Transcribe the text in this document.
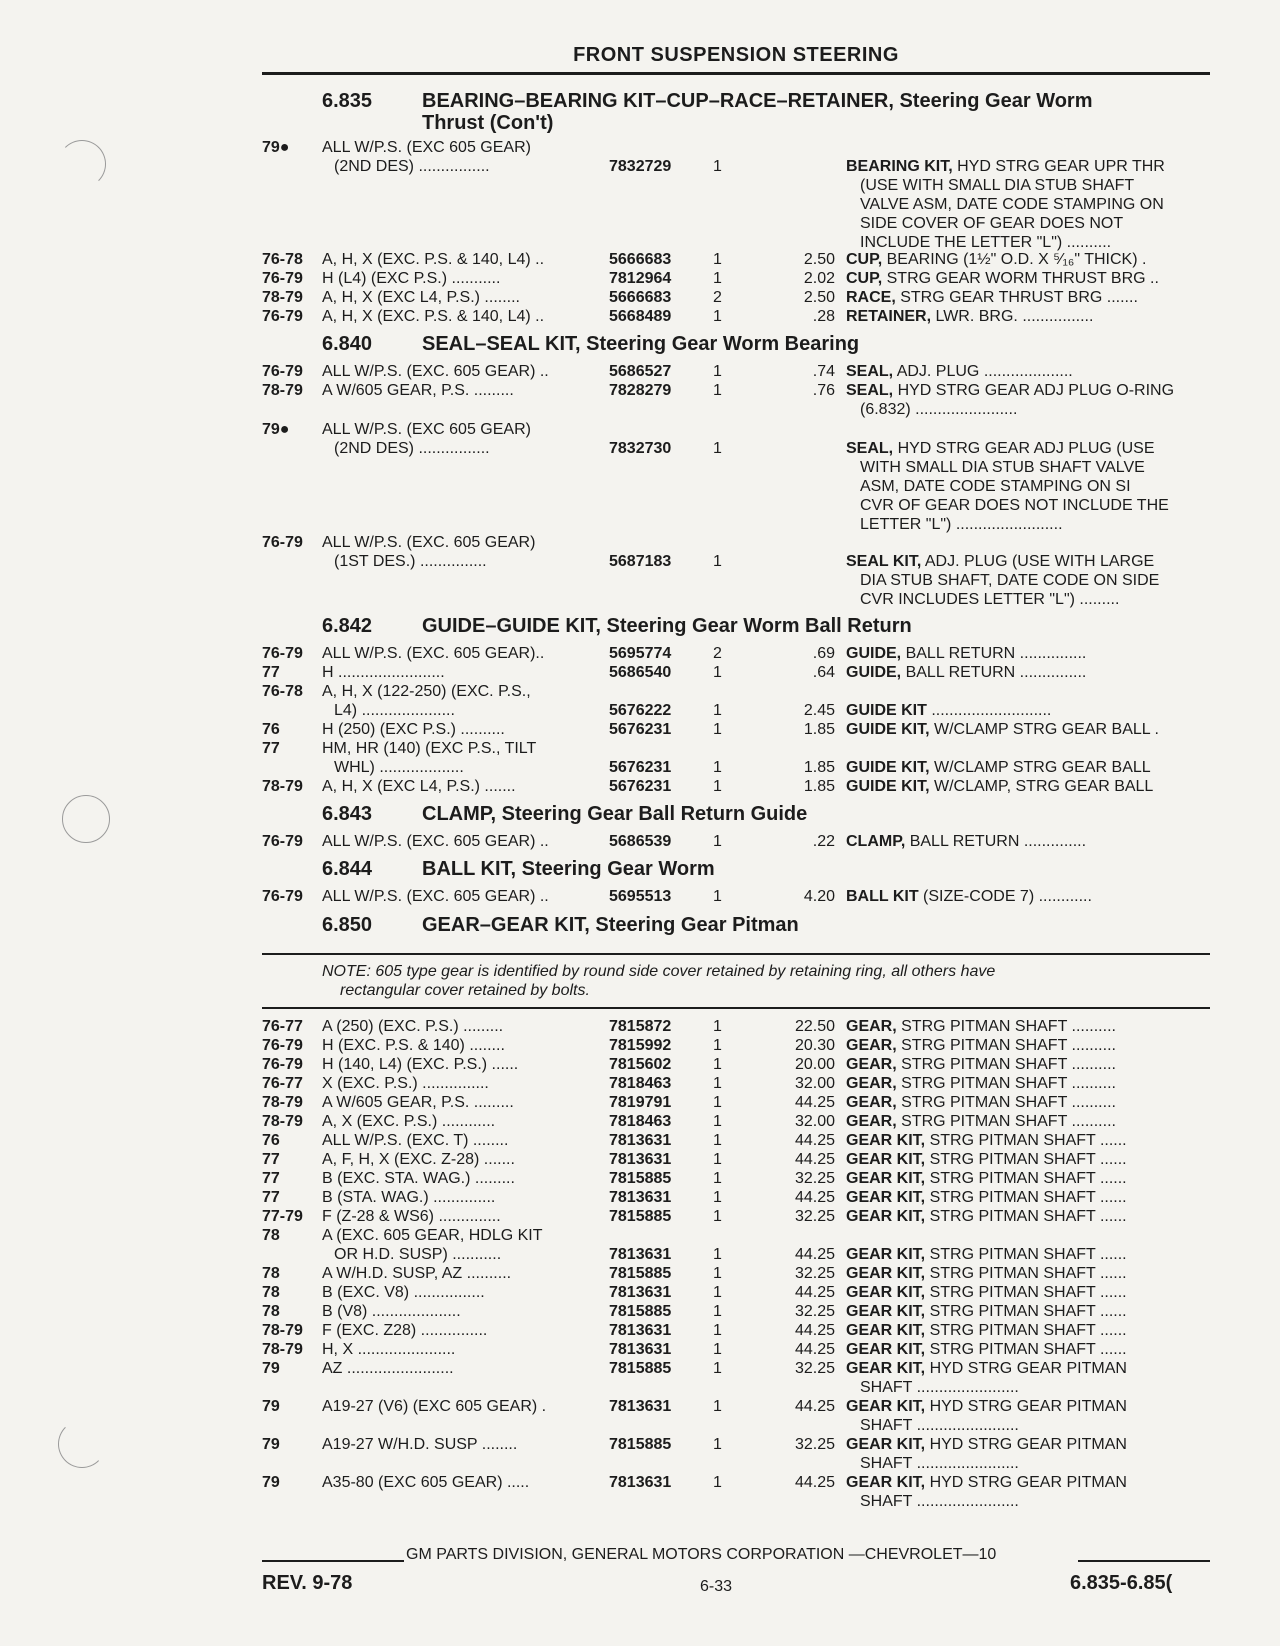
FRONT SUSPENSION STEERING
6.835 BEARING–BEARING KIT–CUP–RACE–RETAINER, Steering Gear Worm
Thrust (Con't)
6.840 SEAL–SEAL KIT, Steering Gear Worm Bearing
6.842 GUIDE–GUIDE KIT, Steering Gear Worm Ball Return
6.843 CLAMP, Steering Gear Ball Return Guide
6.844 BALL KIT, Steering Gear Worm
6.850 GEAR–GEAR KIT, Steering Gear Pitman
79● ALL W/P.S. (EXC 605 GEAR)
(2ND DES) ................	7832729	1	BEARING KIT, HYD STRG GEAR UPR THR
(USE WITH SMALL DIA STUB SHAFT
VALVE ASM, DATE CODE STAMPING ON
SIDE COVER OF GEAR DOES NOT
INCLUDE THE LETTER "L") ..........
76-78 A, H, X (EXC. P.S. & 140, L4) ..	5666683	1	2.50 CUP, BEARING (1½" O.D. X ⁵⁄₁₆" THICK) .
76-79 H (L4) (EXC P.S.) ...........	7812964	1	2.02 CUP, STRG GEAR WORM THRUST BRG ..
78-79 A, H, X (EXC L4, P.S.) ........	5666683	2	2.50 RACE, STRG GEAR THRUST BRG .......
76-79 A, H, X (EXC. P.S. & 140, L4) ..	5668489	1	.28 RETAINER, LWR. BRG. ................
76-79 ALL W/P.S. (EXC. 605 GEAR) ..	5686527	1	.74 SEAL, ADJ. PLUG ....................
78-79 A W/605 GEAR, P.S. .........	7828279	1	.76 SEAL, HYD STRG GEAR ADJ PLUG O-RING
(6.832) .......................
79● ALL W/P.S. (EXC 605 GEAR)
(2ND DES) ................	7832730	1	SEAL, HYD STRG GEAR ADJ PLUG (USE
WITH SMALL DIA STUB SHAFT VALVE
ASM, DATE CODE STAMPING ON SI
CVR OF GEAR DOES NOT INCLUDE THE
LETTER "L") ........................
76-79 ALL W/P.S. (EXC. 605 GEAR)
(1ST DES.) ...............	5687183	1	SEAL KIT, ADJ. PLUG (USE WITH LARGE
DIA STUB SHAFT, DATE CODE ON SIDE
CVR INCLUDES LETTER "L") .........
76-79 ALL W/P.S. (EXC. 605 GEAR)..	5695774	2	.69 GUIDE, BALL RETURN ...............
77	H ........................	5686540	1	.64 GUIDE, BALL RETURN ...............
76-78 A, H, X (122-250) (EXC. P.S.,
L4) .....................	5676222	1	2.45 GUIDE KIT ...........................
76	H (250) (EXC P.S.) ..........	5676231	1	1.85 GUIDE KIT, W/CLAMP STRG GEAR BALL .
77	HM, HR (140) (EXC P.S., TILT
WHL) ...................	5676231	1	1.85 GUIDE KIT, W/CLAMP STRG GEAR BALL
78-79 A, H, X (EXC L4, P.S.) .......	5676231	1	1.85 GUIDE KIT, W/CLAMP, STRG GEAR BALL
76-79 ALL W/P.S. (EXC. 605 GEAR) ..	5686539	1	.22 CLAMP, BALL RETURN ..............
76-79 ALL W/P.S. (EXC. 605 GEAR) ..	5695513	1	4.20 BALL KIT (SIZE-CODE 7) ............
76-77 A (250) (EXC. P.S.) .........	7815872	1	22.50 GEAR, STRG PITMAN SHAFT ..........
76-79 H (EXC. P.S. & 140) ........	7815992	1	20.30 GEAR, STRG PITMAN SHAFT ..........
76-79 H (140, L4) (EXC. P.S.) ......	7815602	1	20.00 GEAR, STRG PITMAN SHAFT ..........
76-77 X (EXC. P.S.) ...............	7818463	1	32.00 GEAR, STRG PITMAN SHAFT ..........
78-79 A W/605 GEAR, P.S. .........	7819791	1	44.25 GEAR, STRG PITMAN SHAFT ..........
78-79 A, X (EXC. P.S.) ............	7818463	1	32.00 GEAR, STRG PITMAN SHAFT ..........
76	ALL W/P.S. (EXC. T) ........	7813631	1	44.25 GEAR KIT, STRG PITMAN SHAFT ......
77	A, F, H, X (EXC. Z-28) .......	7813631	1	44.25 GEAR KIT, STRG PITMAN SHAFT ......
77	B (EXC. STA. WAG.) .........	7815885	1	32.25 GEAR KIT, STRG PITMAN SHAFT ......
77	B (STA. WAG.) ..............	7813631	1	44.25 GEAR KIT, STRG PITMAN SHAFT ......
77-79 F (Z-28 & WS6) ..............	7815885	1	32.25 GEAR KIT, STRG PITMAN SHAFT ......
78	A (EXC. 605 GEAR, HDLG KIT
OR H.D. SUSP) ...........	7813631	1	44.25 GEAR KIT, STRG PITMAN SHAFT ......
78	A W/H.D. SUSP, AZ ..........	7815885	1	32.25 GEAR KIT, STRG PITMAN SHAFT ......
78	B (EXC. V8) ................	7813631	1	44.25 GEAR KIT, STRG PITMAN SHAFT ......
78	B (V8) ....................	7815885	1	32.25 GEAR KIT, STRG PITMAN SHAFT ......
78-79 F (EXC. Z28) ...............	7813631	1	44.25 GEAR KIT, STRG PITMAN SHAFT ......
78-79 H, X ......................	7813631	1	44.25 GEAR KIT, STRG PITMAN SHAFT ......
79	AZ ........................	7815885	1	32.25 GEAR KIT, HYD STRG GEAR PITMAN
SHAFT .......................
79	A19-27 (V6) (EXC 605 GEAR) .	7813631	1	44.25 GEAR KIT, HYD STRG GEAR PITMAN
SHAFT .......................
79	A19-27 W/H.D. SUSP ........	7815885	1	32.25 GEAR KIT, HYD STRG GEAR PITMAN
SHAFT .......................
79	A35-80 (EXC 605 GEAR) .....	7813631	1	44.25 GEAR KIT, HYD STRG GEAR PITMAN
SHAFT .......................
NOTE: 605 type gear is identified by round side cover retained by retaining ring, all others have
rectangular cover retained by bolts.
GM PARTS DIVISION, GENERAL MOTORS CORPORATION —CHEVROLET—10
REV. 9-78	6-33	6.835-6.85(
